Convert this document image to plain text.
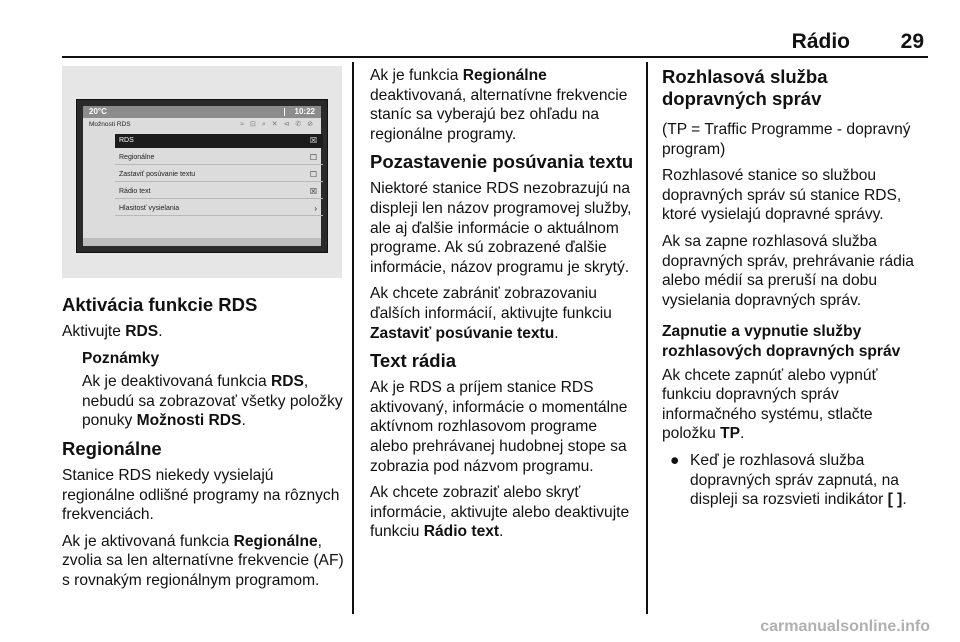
Rádio 29
20°C	10:22
Možnosti RDS	≈ ⊡ ⌕ ✕ ⊲ ✆ ⊘
RDS	☒
Regionálne	☐
Zastaviť posúvanie textu	☐
Rádio text	☒
Hlasitosť vysielania	›
Aktivácia funkcie RDS

Aktivujte RDS.

Poznámky

Ak je deaktivovaná funkcia RDS, nebudú sa zobrazovať všetky položky ponuky Možnosti RDS.

Regionálne

Stanice RDS niekedy vysielajú regionálne odlišné programy na rôznych frekvenciách.

Ak je aktivovaná funkcia Regionálne, zvolia sa len alternatívne frekvencie (AF) s rovnakým regionálnym programom.

Ak je funkcia Regionálne deaktivovaná, alternatívne frekvencie staníc sa vyberajú bez ohľadu na regionálne programy.

Pozastavenie posúvania textu

Niektoré stanice RDS nezobrazujú na displeji len názov programovej služby, ale aj ďalšie informácie o aktuálnom programe. Ak sú zobrazené ďalšie informácie, názov programu je skrytý.

Ak chcete zabrániť zobrazovaniu ďalších informácií, aktivujte funkciu Zastaviť posúvanie textu.

Text rádia

Ak je RDS a príjem stanice RDS aktivovaný, informácie o momentálne aktívnom rozhlasovom programe alebo prehrávanej hudobnej stope sa zobrazia pod názvom programu.

Ak chcete zobraziť alebo skryť informácie, aktivujte alebo deaktivujte funkciu Rádio text.

Rozhlasová služba dopravných správ

(TP = Traffic Programme - dopravný program)

Rozhlasové stanice so službou dopravných správ sú stanice RDS, ktoré vysielajú dopravné správy.

Ak sa zapne rozhlasová služba dopravných správ, prehrávanie rádia alebo médií sa preruší na dobu vysielania dopravných správ.

Zapnutie a vypnutie služby rozhlasových dopravných správ

Ak chcete zapnúť alebo vypnúť funkciu dopravných správ informačného systému, stlačte položku TP.

● Keď je rozhlasová služba dopravných správ zapnutá, na displeji sa rozsvieti indikátor [ ].

carmanualsonline.info
